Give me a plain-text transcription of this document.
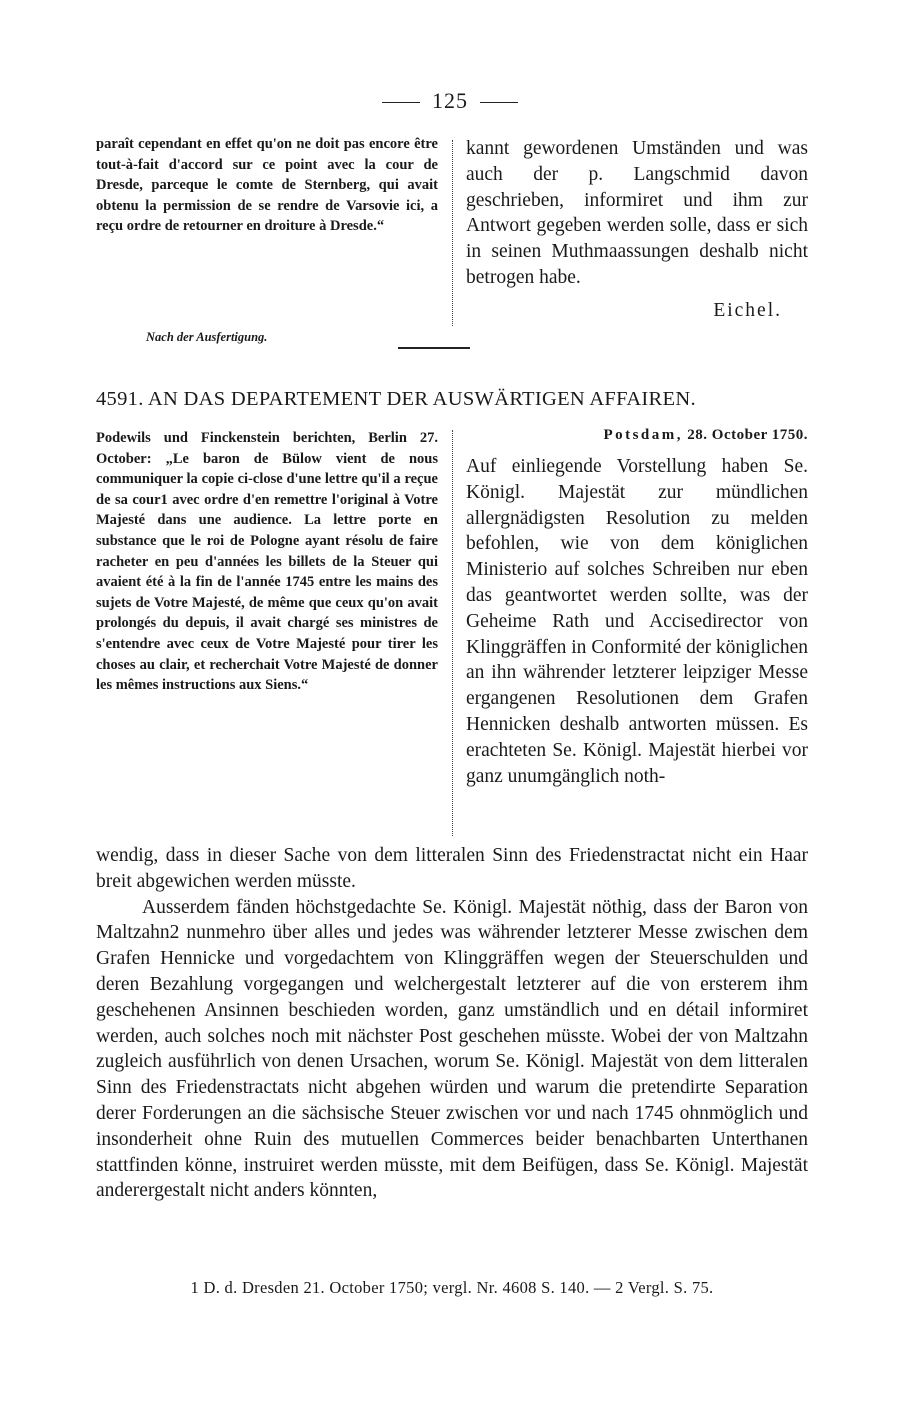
125

paraît cependant en effet qu'on ne doit pas encore être tout-à-fait d'accord sur ce point avec la cour de Dresde, parceque le comte de Sternberg, qui avait obtenu la permission de se rendre de Varsovie ici, a reçu ordre de retourner en droiture à Dresde.“

kannt gewordenen Umständen und was auch der p. Langschmid davon geschrieben, informiret und ihm zur Antwort gegeben werden solle, dass er sich in seinen Muthmaassungen deshalb nicht betrogen habe.

Eichel.
Nach der Ausfertigung.
4591. AN DAS DEPARTEMENT DER AUSWÄRTIGEN AFFAIREN.

Podewils und Finckenstein berichten, Berlin 27. October: „Le baron de Bülow vient de nous communiquer la copie ci-close d'une lettre qu'il a reçue de sa cour1 avec ordre d'en remettre l'original à Votre Majesté dans une audience. La lettre porte en substance que le roi de Pologne ayant résolu de faire racheter en peu d'années les billets de la Steuer qui avaient été à la fin de l'année 1745 entre les mains des sujets de Votre Majesté, de même que ceux qu'on avait prolongés du depuis, il avait chargé ses ministres de s'entendre avec ceux de Votre Majesté pour tirer les choses au clair, et recherchait Votre Majesté de donner les mêmes instructions aux Siens.“

Potsdam, 28. October 1750.

Auf einliegende Vorstellung haben Se. Königl. Majestät zur mündlichen allergnädigsten Resolution zu melden befohlen, wie von dem königlichen Ministerio auf solches Schreiben nur eben das geantwortet werden sollte, was der Geheime Rath und Accisedirector von Klinggräffen in Conformité der königlichen an ihn währender letzterer leipziger Messe ergangenen Resolutionen dem Grafen Hennicken deshalb antworten müssen. Es erachteten Se. Königl. Majestät hierbei vor ganz unumgänglich noth-

wendig, dass in dieser Sache von dem litteralen Sinn des Friedenstractat nicht ein Haar breit abgewichen werden müsste.

Ausserdem fänden höchstgedachte Se. Königl. Majestät nöthig, dass der Baron von Maltzahn2 nunmehro über alles und jedes was währender letzterer Messe zwischen dem Grafen Hennicke und vorgedachtem von Klinggräffen wegen der Steuerschulden und deren Bezahlung vorgegangen und welchergestalt letzterer auf die von ersterem ihm geschehenen Ansinnen beschieden worden, ganz umständlich und en détail informiret werden, auch solches noch mit nächster Post geschehen müsste. Wobei der von Maltzahn zugleich ausführlich von denen Ursachen, worum Se. Königl. Majestät von dem litteralen Sinn des Friedenstractats nicht abgehen würden und warum die pretendirte Separation derer Forderungen an die sächsische Steuer zwischen vor und nach 1745 ohnmöglich und insonderheit ohne Ruin des mutuellen Commerces beider benachbarten Unterthanen stattfinden könne, instruiret werden müsste, mit dem Beifügen, dass Se. Königl. Majestät anderergestalt nicht anders könnten,

1 D. d. Dresden 21. October 1750; vergl. Nr. 4608 S. 140. — 2 Vergl. S. 75.
